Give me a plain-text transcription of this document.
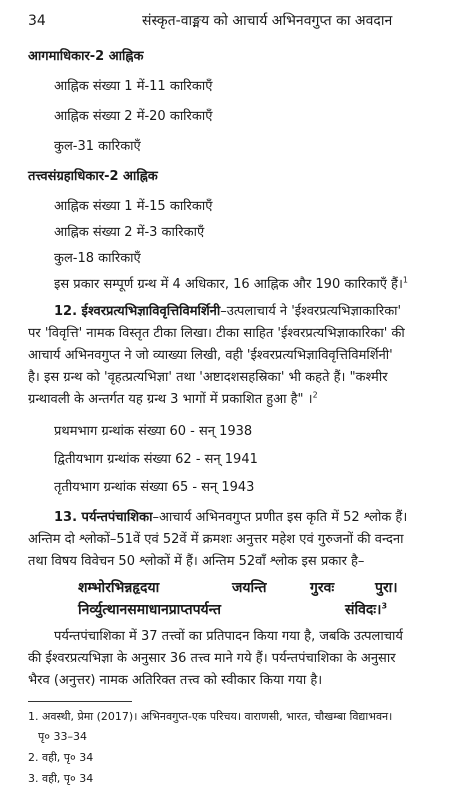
34	संस्कृत-वाङ्मय को आचार्य अभिनवगुप्त का अवदान
आगमाधिकार-2 आह्निक
आह्निक संख्या 1 में-11 कारिकाएँ
आह्निक संख्या 2 में-20 कारिकाएँ
कुल-31 कारिकाएँ
तत्त्वसंग्रहाधिकार-2 आह्निक
आह्निक संख्या 1 में-15 कारिकाएँ
आह्निक संख्या 2 में-3 कारिकाएँ
कुल-18 कारिकाएँ
इस प्रकार सम्पूर्ण ग्रन्थ में 4 अधिकार, 16 आह्निक और 190 कारिकाएँ हैं।$^1$
12. ईश्वरप्रत्यभिज्ञाविवृत्तिविमर्शिनी–उत्पलाचार्य ने 'ईश्वरप्रत्यभिज्ञाकारिका'
पर 'विवृत्ति' नामक विस्तृत टीका लिखा। टीका साहित 'ईश्वरप्रत्यभिज्ञाकारिका' की
आचार्य अभिनवगुप्त ने जो व्याख्या लिखी, वही 'ईश्वरप्रत्यभिज्ञाविवृत्तिविमर्शिनी'
है। इस ग्रन्थ को 'वृहत्प्रत्यभिज्ञा' तथा 'अष्टादशसहस्रिका' भी कहते हैं। "कश्मीर
ग्रन्थावली के अन्तर्गत यह ग्रन्थ 3 भागों में प्रकाशित हुआ है" ।$^2$
प्रथमभाग ग्रन्थांक संख्या 60 - सन् 1938
द्वितीयभाग ग्रन्थांक संख्या 62 - सन् 1941
तृतीयभाग ग्रन्थांक संख्या 65 - सन् 1943
13. पर्यन्तपंचाशिका–आचार्य अभिनवगुप्त प्रणीत इस कृति में 52 श्लोक हैं।
अन्तिम दो श्लोकों–51वें एवं 52वें में क्रमशः अनुत्तर महेश एवं गुरुजनों की वन्दना
तथा विषय विवेचन 50 श्लोकों में हैं। अन्तिम 52वाँ श्लोक इस प्रकार है–
शम्भोरभिन्नहृदया	जयन्ति	गुरवः	पुरा।
निर्व्युत्थानसमाधानप्राप्तपर्यन्त	संविदः।$^3$
पर्यन्तपंचाशिका में 37 तत्त्वों का प्रतिपादन किया गया है, जबकि उत्पलाचार्य
की ईश्वरप्रत्यभिज्ञा के अनुसार 36 तत्त्व माने गये हैं। पर्यन्तपंचाशिका के अनुसार
भैरव (अनुत्तर) नामक अतिरिक्त तत्त्व को स्वीकार किया गया है।
1. अवस्थी, प्रेमा (2017)। अभिनवगुप्त-एक परिचय। वाराणसी, भारत, चौखम्बा विद्याभवन।
पृ० 33–34
2. वही, पृ० 34
3. वही, पृ० 34
